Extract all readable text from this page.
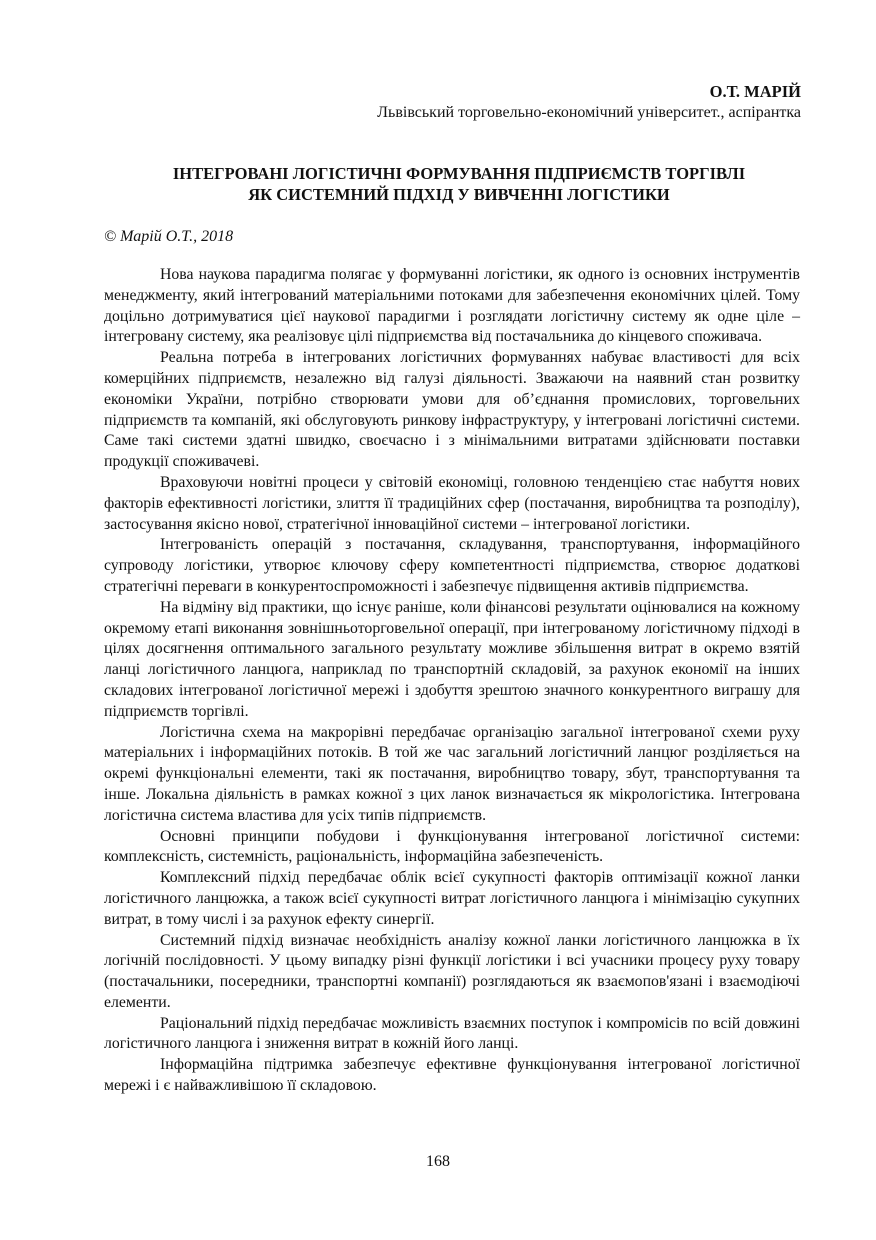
О.Т. МАРІЙ
Львівський торговельно-економічний університет., аспірантка
ІНТЕГРОВАНІ ЛОГІСТИЧНІ ФОРМУВАННЯ ПІДПРИЄМСТВ ТОРГІВЛІ
ЯК СИСТЕМНИЙ ПІДХІД У ВИВЧЕННІ ЛОГІСТИКИ
© Марій О.Т., 2018

Нова наукова парадигма полягає у формуванні логістики, як одного із основних інструментів менеджменту, який інтегрований матеріальними потоками для забезпечення економічних цілей. Тому доцільно дотримуватися цієї наукової парадигми і розглядати логістичну систему як одне ціле – інтегровану систему, яка реалізовує цілі підприємства від постачальника до кінцевого споживача.

Реальна потреба в інтегрованих логістичних формуваннях набуває властивості для всіх комерційних підприємств, незалежно від галузі діяльності. Зважаючи на наявний стан розвитку економіки України, потрібно створювати умови для об’єднання промислових, торговельних підприємств та компаній, які обслуговують ринкову інфраструктуру, у інтегровані логістичні системи. Саме такі системи здатні швидко, своєчасно і з мінімальними витратами здійснювати поставки продукції споживачеві.

Враховуючи новітні процеси у світовій економіці, головною тенденцією стає набуття нових факторів ефективності логістики, злиття її традиційних сфер (постачання, виробництва та розподілу), застосування якісно нової, стратегічної інноваційної системи – інтегрованої логістики.

Інтегрованість операцій з постачання, складування, транспортування, інформаційного супроводу логістики, утворює ключову сферу компетентності підприємства, створює додаткові стратегічні переваги в конкурентоспроможності і забезпечує підвищення активів підприємства.

На відміну від практики, що існує раніше, коли фінансові результати оцінювалися на кожному окремому етапі виконання зовнішньоторговельної операції, при інтегрованому логістичному підході в цілях досягнення оптимального загального результату можливе збільшення витрат в окремо взятій ланці логістичного ланцюга, наприклад по транспортній складовій, за рахунок економії на інших складових інтегрованої логістичної мережі і здобуття зрештою значного конкурентного виграшу для підприємств торгівлі.

Логістична схема на макрорівні передбачає організацію загальної інтегрованої схеми руху матеріальних і інформаційних потоків. В той же час загальний логістичний ланцюг розділяється на окремі функціональні елементи, такі як постачання, виробництво товару, збут, транспортування та інше. Локальна діяльність в рамках кожної з цих ланок визначається як мікрологістика. Інтегрована логістична система властива для усіх типів підприємств.

Основні принципи побудови і функціонування інтегрованої логістичної системи: комплексність, системність, раціональність, інформаційна забезпеченість.

Комплексний підхід передбачає облік всієї сукупності факторів оптимізації кожної ланки логістичного ланцюжка, а також всієї сукупності витрат логістичного ланцюга і мінімізацію сукупних витрат, в тому числі і за рахунок ефекту синергії.

Системний підхід визначає необхідність аналізу кожної ланки логістичного ланцюжка в їх логічній послідовності. У цьому випадку різні функції логістики і всі учасники процесу руху товару (постачальники, посередники, транспортні компанії) розглядаються як взаємопов'язані і взаємодіючі елементи.

Раціональний підхід передбачає можливість взаємних поступок і компромісів по всій довжині логістичного ланцюга і зниження витрат в кожній його ланці.

Інформаційна підтримка забезпечує ефективне функціонування інтегрованої логістичної мережі і є найважливішою її складовою.

168
